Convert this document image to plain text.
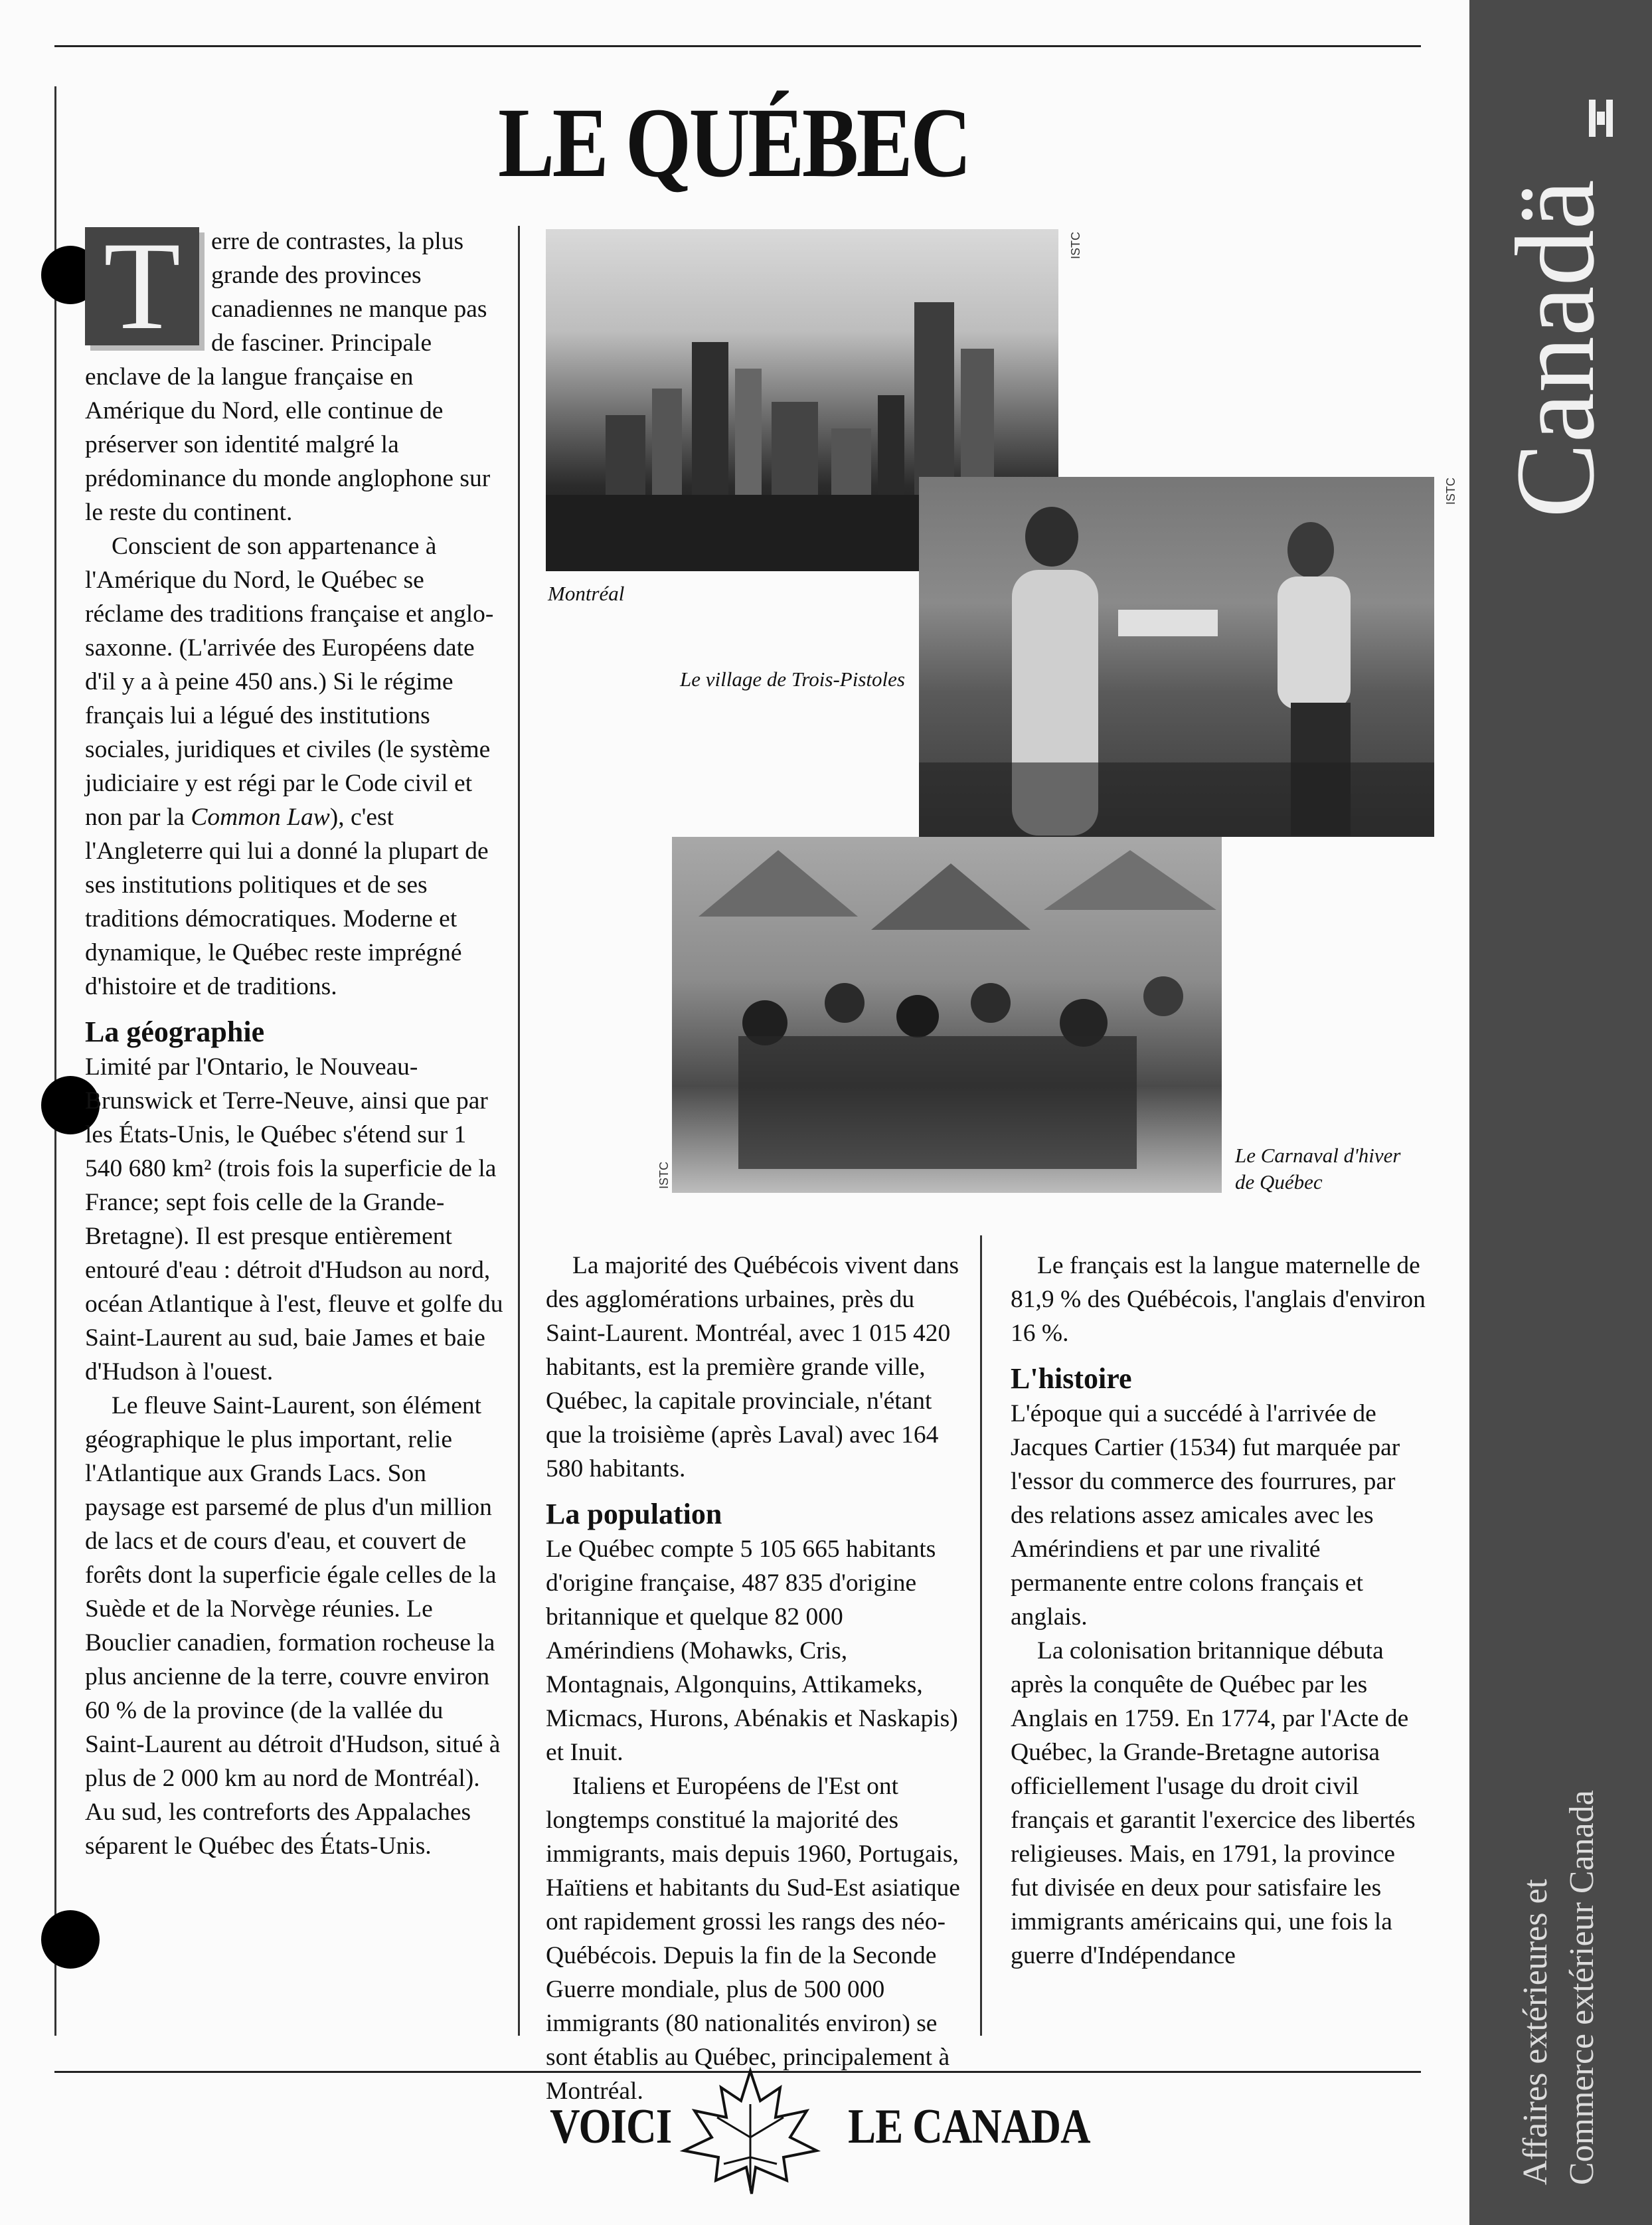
LE QUÉBEC
T	erre de contrastes, la plus grande des provinces canadiennes ne manque pas de fasciner. Principale enclave de la langue française en Amérique du Nord, elle continue de préserver son identité malgré la prédominance du monde anglophone sur le reste du continent.

Conscient de son appartenance à l'Amérique du Nord, le Québec se réclame des traditions française et anglo-saxonne. (L'arrivée des Européens date d'il y a à peine 450 ans.) Si le régime français lui a légué des institutions sociales, juridiques et civiles (le système judiciaire y est régi par le Code civil et non par la Common Law), c'est l'Angleterre qui lui a donné la plupart de ses institutions politiques et de ses traditions démocratiques. Moderne et dynamique, le Québec reste imprégné d'histoire et de traditions.

La géographie

Limité par l'Ontario, le Nouveau-Brunswick et Terre-Neuve, ainsi que par les États-Unis, le Québec s'étend sur 1 540 680 km² (trois fois la superficie de la France; sept fois celle de la Grande-Bretagne). Il est presque entièrement entouré d'eau : détroit d'Hudson au nord, océan Atlantique à l'est, fleuve et golfe du Saint-Laurent au sud, baie James et baie d'Hudson à l'ouest.

Le fleuve Saint-Laurent, son élément géographique le plus important, relie l'Atlantique aux Grands Lacs. Son paysage est parsemé de plus d'un million de lacs et de cours d'eau, et couvert de forêts dont la superficie égale celles de la Suède et de la Norvège réunies. Le Bouclier canadien, formation rocheuse la plus ancienne de la terre, couvre environ 60 % de la province (de la vallée du Saint-Laurent au détroit d'Hudson, situé à plus de 2 000 km au nord de Montréal). Au sud, les contreforts des Appalaches séparent le Québec des États-Unis.

ISTC
Montréal
ISTC
Le village de Trois-Pistoles
ISTC
Le Carnaval d'hiver
de Québec

La majorité des Québécois vivent dans des agglomérations urbaines, près du Saint-Laurent. Montréal, avec 1 015 420 habitants, est la première grande ville, Québec, la capitale provinciale, n'étant que la troisième (après Laval) avec 164 580 habitants.

La population

Le Québec compte 5 105 665 habitants d'origine française, 487 835 d'origine britannique et quelque 82 000 Amérindiens (Mohawks, Cris, Montagnais, Algonquins, Attikameks, Micmacs, Hurons, Abénakis et Naskapis) et Inuit.

Italiens et Européens de l'Est ont longtemps constitué la majorité des immigrants, mais depuis 1960, Portugais, Haïtiens et habitants du Sud-Est asiatique ont rapidement grossi les rangs des néo-Québécois. Depuis la fin de la Seconde Guerre mondiale, plus de 500 000 immigrants (80 nationalités environ) se sont établis au Québec, principalement à Montréal.

Le français est la langue maternelle de 81,9 % des Québécois, l'anglais d'environ 16 %.

L'histoire

L'époque qui a succédé à l'arrivée de Jacques Cartier (1534) fut marquée par l'essor du commerce des fourrures, par des relations assez amicales avec les Amérindiens et par une rivalité permanente entre colons français et anglais.

La colonisation britannique débuta après la conquête de Québec par les Anglais en 1759. En 1774, par l'Acte de Québec, la Grande-Bretagne autorisa officiellement l'usage du droit civil français et garantit l'exercice des libertés religieuses. Mais, en 1791, la province fut divisée en deux pour satisfaire les immigrants américains qui, une fois la guerre d'Indépendance

Canadä
Affaires extérieures et Commerce extérieur Canada
VOICI	LE CANADA
